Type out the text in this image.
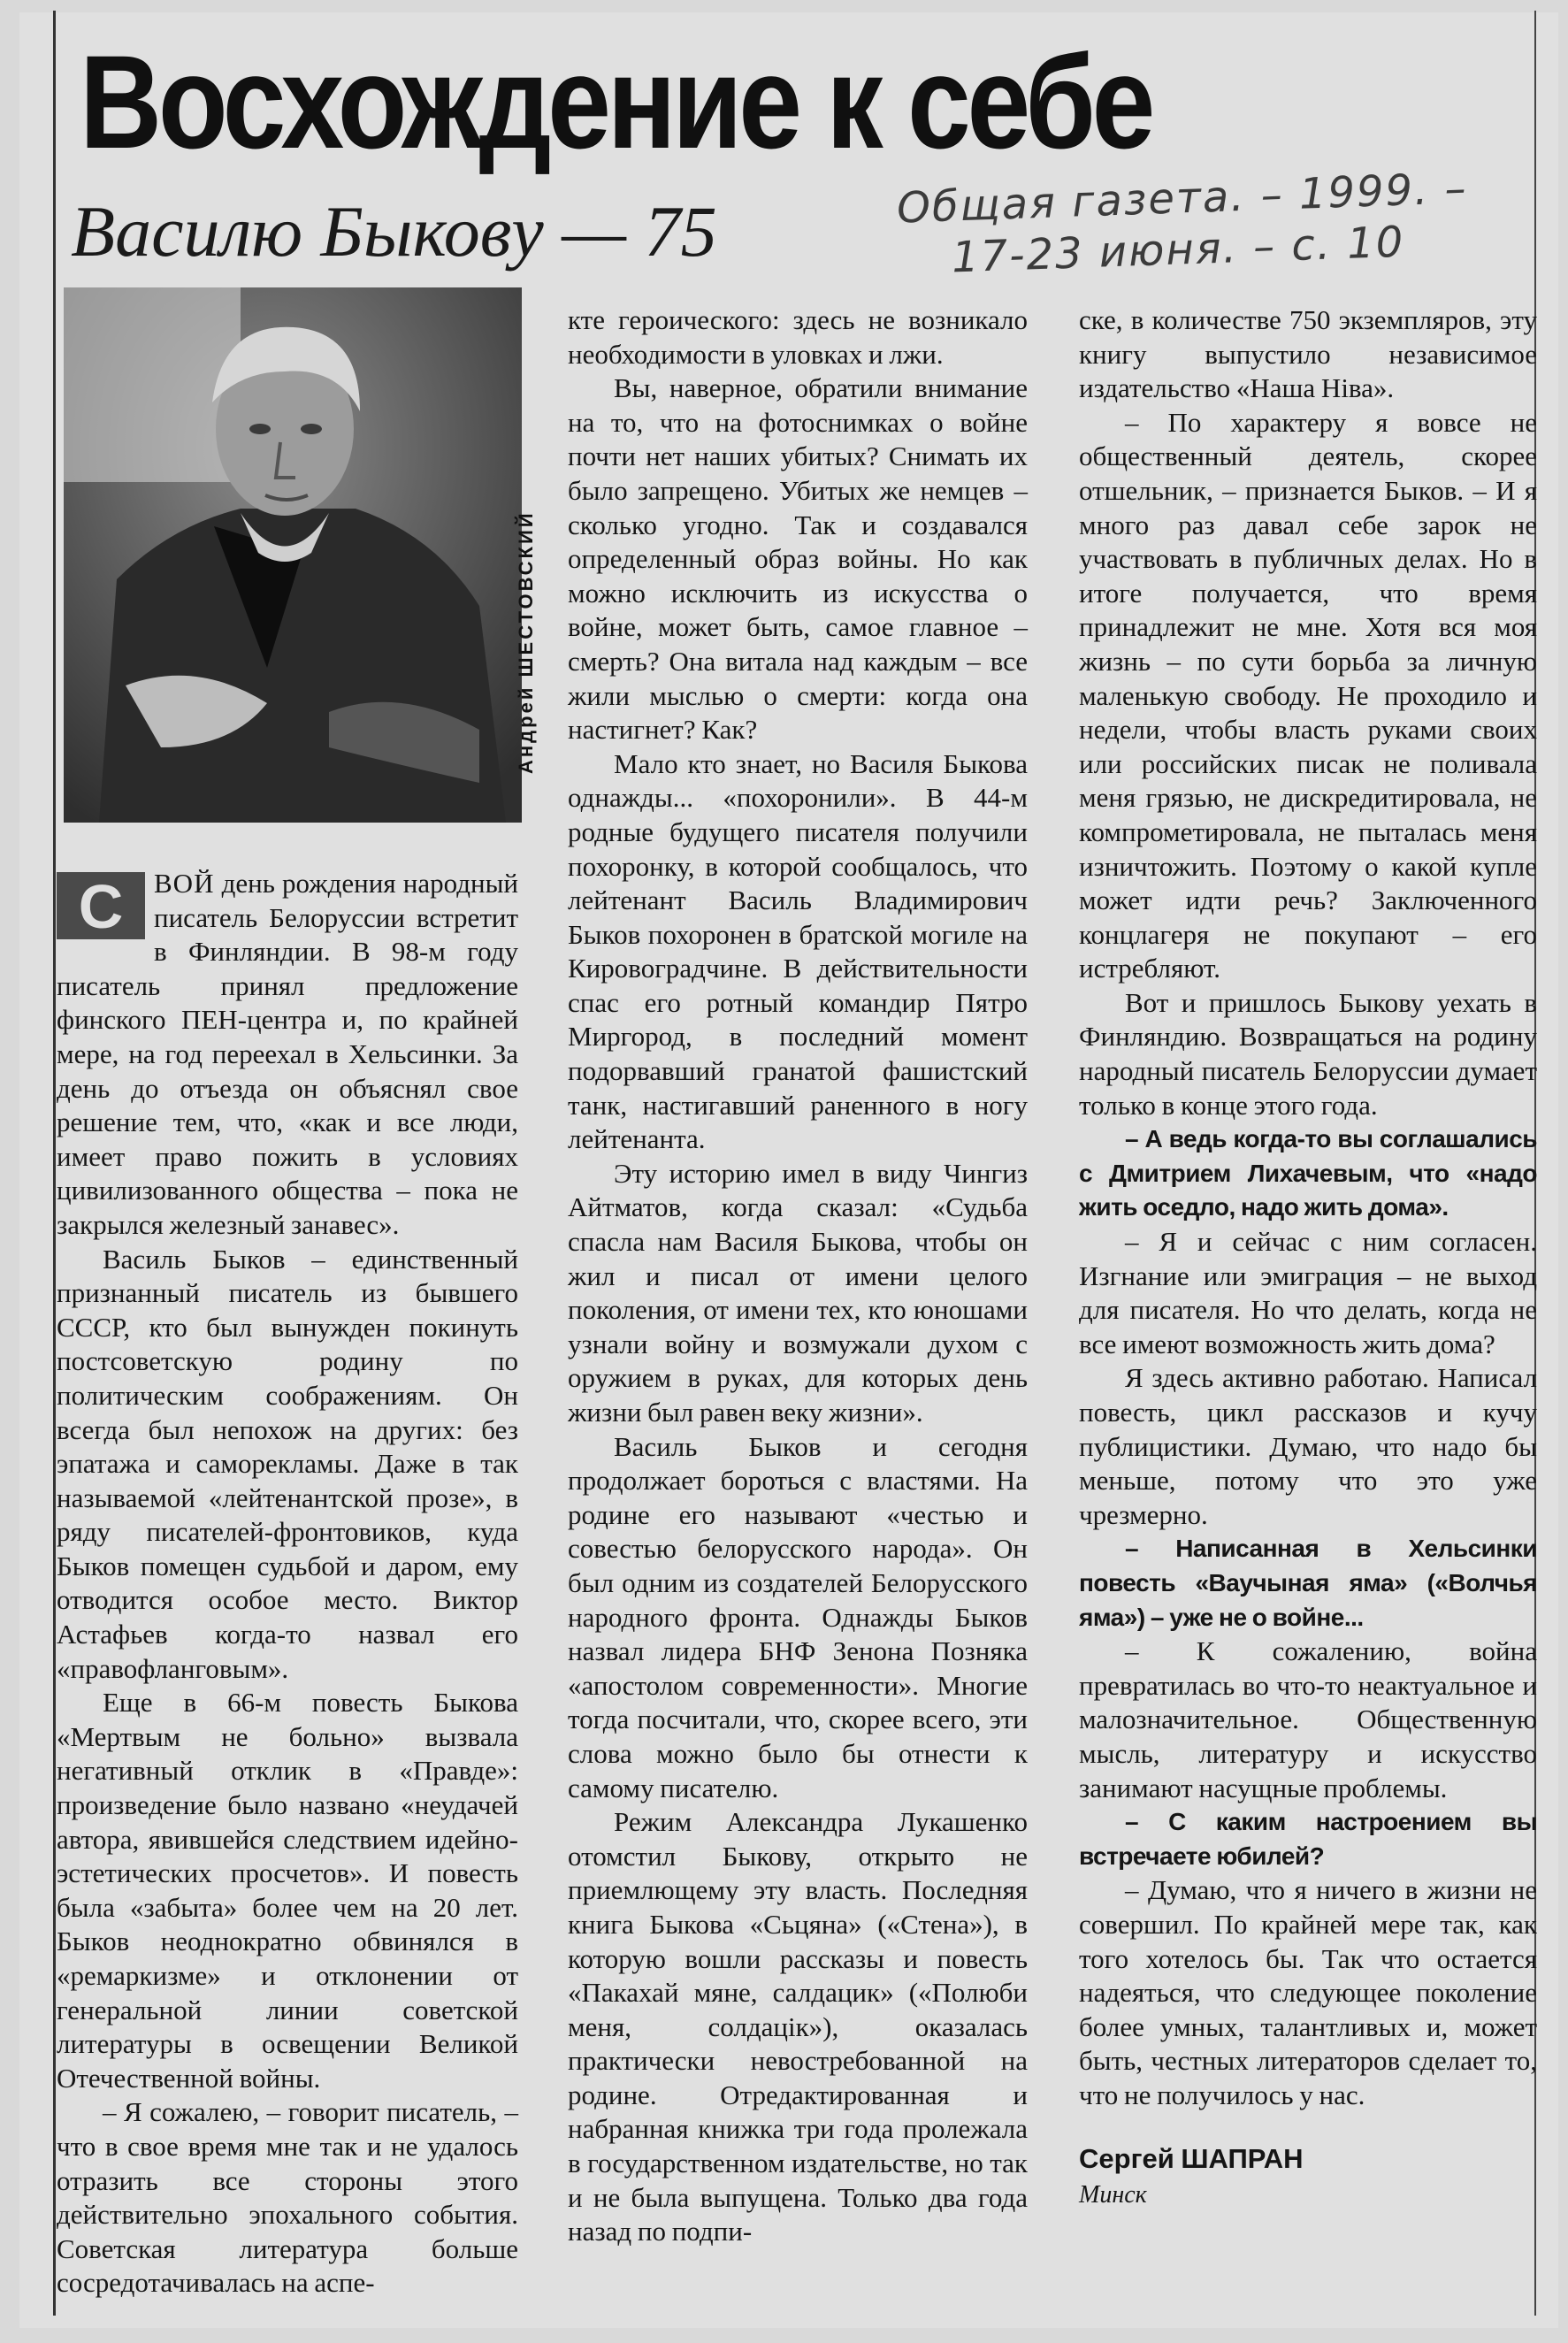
Восхождение к себе
Василю Быкову — 75	Общая газета. – 1999. –
17-23 июня. – с. 10
Андрей ШЕСТОВСКИЙ

С	ВОЙ день рождения народный писатель Белоруссии встретит в Финляндии. В 98-м году писатель принял предложение финского ПЕН-центра и, по крайней мере, на год переехал в Хельсинки. За день до отъезда он объяснял свое решение тем, что, «как и все люди, имеет право пожить в условиях цивилизованного общества – пока не закрылся железный занавес».

Василь Быков – единственный признанный писатель из бывшего СССР, кто был вынужден покинуть постсоветскую родину по политическим соображениям. Он всегда был непохож на других: без эпатажа и саморекламы. Даже в так называемой «лейтенантской прозе», в ряду писателей-фронтовиков, куда Быков помещен судьбой и даром, ему отводится особое место. Виктор Астафьев когда-то назвал его «правофланговым».

Еще в 66-м повесть Быкова «Мертвым не больно» вызвала негативный отклик в «Правде»: произведение было названо «неудачей автора, явившейся следствием идейно-эстетических просчетов». И повесть была «забыта» более чем на 20 лет. Быков неоднократно обвинялся в «ремаркизме» и отклонении от генеральной линии советской литературы в освещении Великой Отечественной войны.

– Я сожалею, – говорит писатель, – что в свое время мне так и не удалось отразить все стороны этого действительно эпохального события. Советская литература больше сосредотачивалась на аспе-

кте героического: здесь не возникало необходимости в уловках и лжи.

Вы, наверное, обратили внимание на то, что на фотоснимках о войне почти нет наших убитых? Снимать их было запрещено. Убитых же немцев – сколько угодно. Так и создавался определенный образ войны. Но как можно исключить из искусства о войне, может быть, самое главное – смерть? Она витала над каждым – все жили мыслью о смерти: когда она настигнет? Как?

Мало кто знает, но Василя Быкова однажды... «похоронили». В 44-м родные будущего писателя получили похоронку, в которой сообщалось, что лейтенант Василь Владимирович Быков похоронен в братской могиле на Кировоградчине. В действительности спас его ротный командир Пятро Миргород, в последний момент подорвавший гранатой фашистский танк, настигавший раненного в ногу лейтенанта.

Эту историю имел в виду Чингиз Айтматов, когда сказал: «Судьба спасла нам Василя Быкова, чтобы он жил и писал от имени целого поколения, от имени тех, кто юношами узнали войну и возмужали духом с оружием в руках, для которых день жизни был равен веку жизни».

Василь Быков и сегодня продолжает бороться с властями. На родине его называют «честью и совестью белорусского народа». Он был одним из создателей Белорусского народного фронта. Однажды Быков назвал лидера БНФ Зенона Позняка «апостолом современности». Многие тогда посчитали, что, скорее всего, эти слова можно было бы отнести к самому писателю.

Режим Александра Лукашенко отомстил Быкову, открыто не приемлющему эту власть. Последняя книга Быкова «Сьцяна» («Стена»), в которую вошли рассказы и повесть «Пакахай мяне, салдацик» («Полюби меня, солдацік»), оказалась практически невостребованной на родине. Отредактированная и набранная книжка три года пролежала в государственном издательстве, но так и не была выпущена. Только два года назад по подпи-

ске, в количестве 750 экземпляров, эту книгу выпустило независимое издательство «Наша Ніва».

– По характеру я вовсе не общественный деятель, скорее отшельник, – признается Быков. – И я много раз давал себе зарок не участвовать в публичных делах. Но в итоге получается, что время принадлежит не мне. Хотя вся моя жизнь – по сути борьба за личную маленькую свободу. Не проходило и недели, чтобы власть руками своих или российских писак не поливала меня грязью, не дискредитировала, не компрометировала, не пыталась меня изничтожить. Поэтому о какой купле может идти речь? Заключенного концлагеря не покупают – его истребляют.

Вот и пришлось Быкову уехать в Финляндию. Возвращаться на родину народный писатель Белоруссии думает только в конце этого года.

– А ведь когда-то вы соглашались с Дмитрием Лихачевым, что «надо жить оседло, надо жить дома».

– Я и сейчас с ним согласен. Изгнание или эмиграция – не выход для писателя. Но что делать, когда не все имеют возможность жить дома?

Я здесь активно работаю. Написал повесть, цикл рассказов и кучу публицистики. Думаю, что надо бы меньше, потому что это уже чрезмерно.

– Написанная в Хельсинки повесть «Ваучыная яма» («Волчья яма») – уже не о войне...

– К сожалению, война превратилась во что-то неактуальное и малозначительное. Общественную мысль, литературу и искусство занимают насущные проблемы.

– С каким настроением вы встречаете юбилей?

– Думаю, что я ничего в жизни не совершил. По крайней мере так, как того хотелось бы. Так что остается надеяться, что следующее поколение более умных, талантливых и, может быть, честных литераторов сделает то, что не получилось у нас.

Сергей ШАПРАН
Минск
